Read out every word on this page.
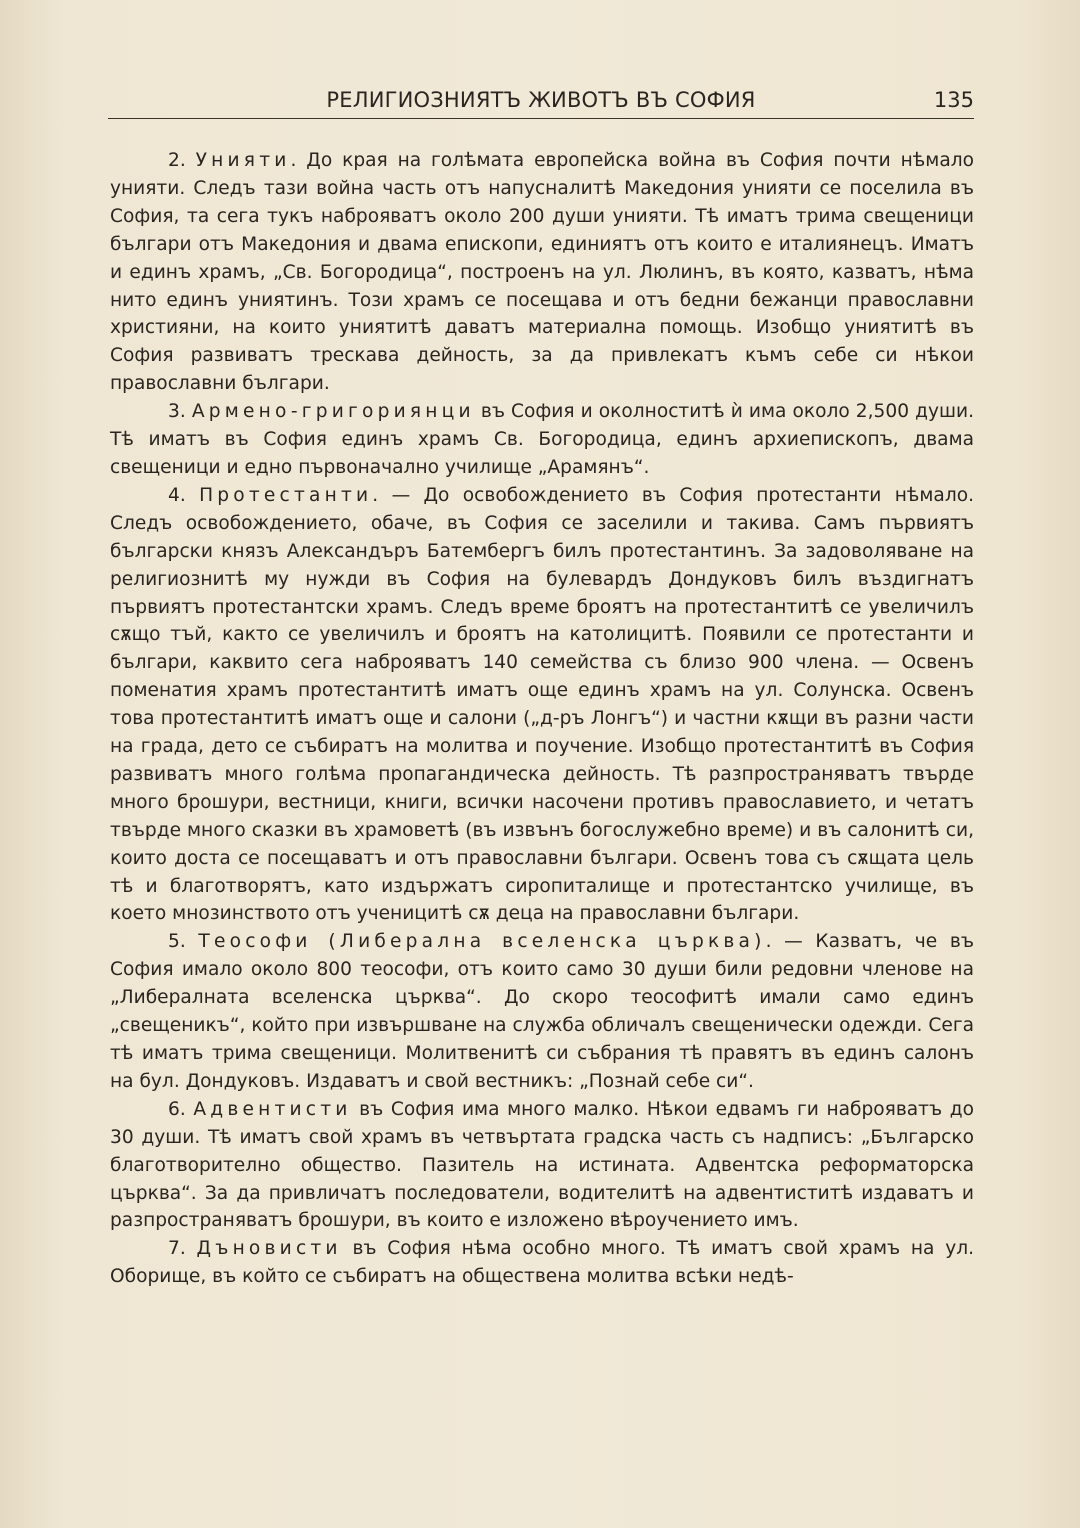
РЕЛИГИОЗНИЯТЪ ЖИВОТЪ ВЪ СОФИЯ	135

2. Унияти. До края на голѣмата европейска война въ София почти нѣмало унияти. Следъ тази война часть отъ напусналитѣ Македония унияти се поселила въ София, та сега тукъ наброяватъ около 200 души унияти. Тѣ иматъ трима свещеници българи отъ Македония и двама епископи, единиятъ отъ които е италиянецъ. Иматъ и единъ храмъ, „Св. Богородица“, построенъ на ул. Люлинъ, въ която, казватъ, нѣма нито единъ униятинъ. Този храмъ се посещава и отъ бедни бежанци православни християни, на които униятитѣ даватъ материална помощь. Изобщо униятитѣ въ София развиватъ трескава дейность, за да привлекатъ къмъ себе си нѣкои православни българи.

3. Арменo-григориянци въ София и околноститѣ ѝ има около 2,500 души. Тѣ иматъ въ София единъ храмъ Св. Богородица, единъ архиепископъ, двама свещеници и едно първоначално училище „Арамянъ“.

4. Протестанти. — До освобождението въ София протестанти нѣмало. Следъ освобождението, обаче, въ София се заселили и такива. Самъ първиятъ български князъ Александъръ Батембергъ билъ протестантинъ. За задоволяване на религиознитѣ му нужди въ София на булевардъ Дондуковъ билъ въздигнатъ първиятъ протестантски храмъ. Следъ време броятъ на протестантитѣ се увеличилъ сѫщо тъй, както се увеличилъ и броятъ на католицитѣ. Появили се протестанти и българи, каквито сега наброяватъ 140 семейства съ близо 900 члена. — Освенъ поменатия храмъ протестантитѣ иматъ още единъ храмъ на ул. Солунска. Освенъ това протестантитѣ иматъ още и салони („д-ръ Лонгъ“) и частни кѫщи въ разни части на града, дето се събиратъ на молитва и поучение. Изобщо протестантитѣ въ София развиватъ много голѣма пропагандическа дейность. Тѣ разпространяватъ твърде много брошури, вестници, книги, всички насочени противъ православието, и четатъ твърде много сказки въ храмоветѣ (въ извънъ богослужебно време) и въ салонитѣ си, които доста се посещаватъ и отъ православни българи. Освенъ това съ сѫщата цель тѣ и благотворятъ, като издържатъ сиропиталище и протестантско училище, въ което мнозинството отъ ученицитѣ сѫ деца на православни българи.

5. Теософи (Либерална вселенска църква). — Казватъ, че въ София имало около 800 теософи, отъ които само 30 души били редовни членове на „Либералната вселенска църква“. До скоро теософитѣ имали само единъ „свещеникъ“, който при извършване на служба обличалъ свещенически одежди. Сега тѣ иматъ трима свещеници. Молитвенитѣ си събрания тѣ правятъ въ единъ салонъ на бул. Дондуковъ. Издаватъ и свой вестникъ: „Познай себе си“.

6. Адвентисти въ София има много малко. Нѣкои едвамъ ги наброяватъ до 30 души. Тѣ иматъ свой храмъ въ четвъртата градска часть съ надписъ: „Българско благотворително общество. Пазитель на истината. Адвентска реформаторска църква“. За да привличатъ последователи, водителитѣ на адвентиститѣ издаватъ и разпространяватъ брошури, въ които е изложено вѣроучението имъ.

7. Дъновисти въ София нѣма особно много. Тѣ иматъ свой храмъ на ул. Оборище, въ който се събиратъ на обществена молитва всѣки недѣ-
